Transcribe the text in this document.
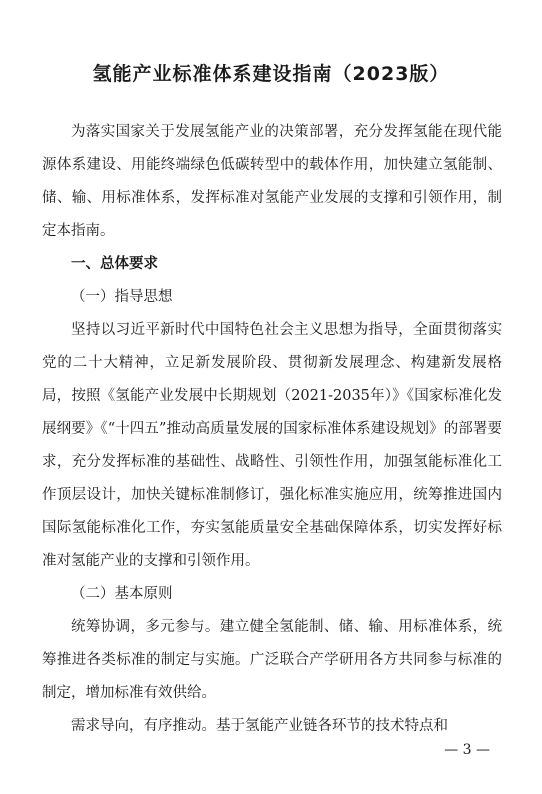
氢能产业标准体系建设指南（2023版）

为落实国家关于发展氢能产业的决策部署，充分发挥氢能在现代能源体系建设、用能终端绿色低碳转型中的载体作用，加快建立氢能制、储、输、用标准体系，发挥标准对氢能产业发展的支撑和引领作用，制定本指南。

一、总体要求
（一）指导思想

坚持以习近平新时代中国特色社会主义思想为指导，全面贯彻落实党的二十大精神，立足新发展阶段、贯彻新发展理念、构建新发展格局，按照《氢能产业发展中长期规划（2021-2035年）》《国家标准化发展纲要》《“十四五”推动高质量发展的国家标准体系建设规划》的部署要求，充分发挥标准的基础性、战略性、引领性作用，加强氢能标准化工作顶层设计，加快关键标准制修订，强化标准实施应用，统筹推进国内国际氢能标准化工作，夯实氢能质量安全基础保障体系，切实发挥好标准对氢能产业的支撑和引领作用。

（二）基本原则

统筹协调，多元参与。建立健全氢能制、储、输、用标准体系，统筹推进各类标准的制定与实施。广泛联合产学研用各方共同参与标准的制定，增加标准有效供给。

需求导向，有序推动。基于氢能产业链各环节的技术特点和

— 3 —
